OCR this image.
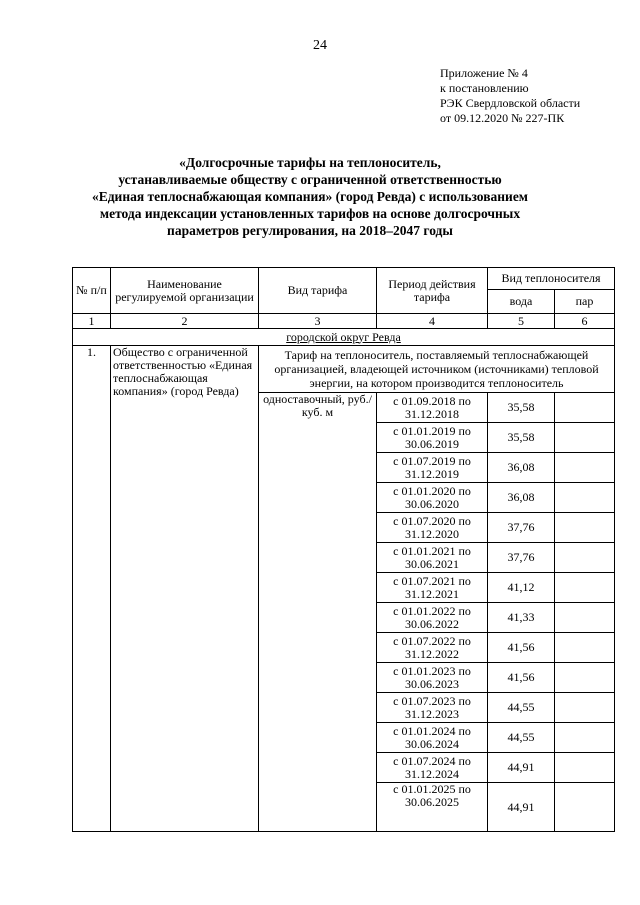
24
Приложение № 4
к постановлению
РЭК Свердловской области
от 09.12.2020 № 227-ПК
«Долгосрочные тарифы на теплоноситель,
устанавливаемые обществу с ограниченной ответственностью
«Единая теплоснабжающая компания» (город Ревда) с использованием
метода индексации установленных тарифов на основе долгосрочных
параметров регулирования, на 2018–2047 годы
№ п/п	Наименование регулируемой организации	Вид тарифа	Период действия тарифа	Вид теплоносителя	
				вода	пар
1	2	3	4	5	6
городской округ Ревда					
1.	Общество с ограниченной ответственностью «Единая теплоснабжающая компания» (город Ревда)	Тариф на теплоноситель, поставляемый теплоснабжающей организацией, владеющей источником (источниками) тепловой энергии, на котором производится теплоноситель			
		одноставочный, руб./куб. м	с 01.09.2018 по
31.12.2018	35,58	

			с 01.01.2019 по
30.06.2019	35,58	

			с 01.07.2019 по
31.12.2019	36,08	

			с 01.01.2020 по
30.06.2020	36,08	

			с 01.07.2020 по
31.12.2020	37,76	

			с 01.01.2021 по
30.06.2021	37,76	

			с 01.07.2021 по
31.12.2021	41,12	

			с 01.01.2022 по
30.06.2022	41,33	

			с 01.07.2022 по
31.12.2022	41,56	

			с 01.01.2023 по
30.06.2023	41,56	

			с 01.07.2023 по
31.12.2023	44,55	

			с 01.01.2024 по
30.06.2024	44,55	

			с 01.07.2024 по
31.12.2024	44,91	

			с 01.01.2025 по
30.06.2025	44,91	
